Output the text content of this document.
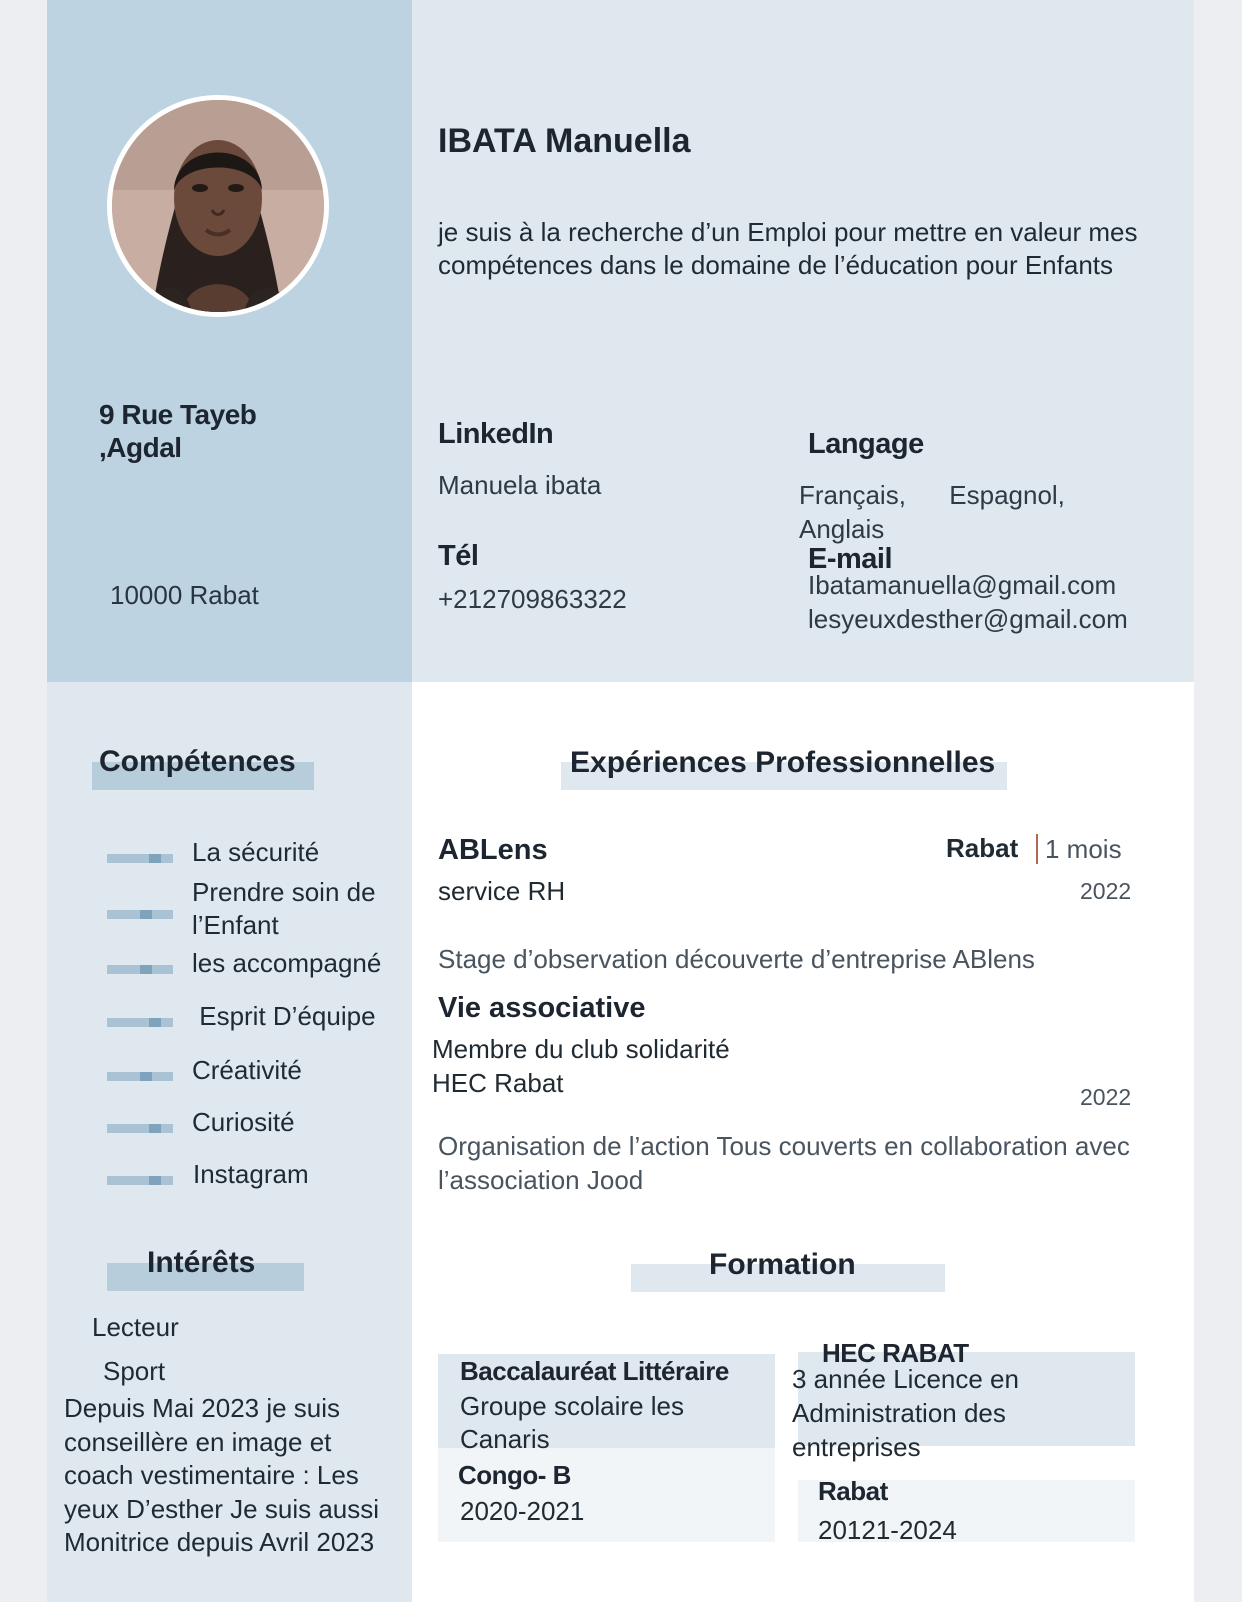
IBATA Manuella
je suis à la recherche d’un Emploi pour mettre en valeur mes compétences dans le domaine de l’éducation pour Enfants
9 Rue Tayeb
,Agdal
10000 Rabat
LinkedIn
Manuela ibata
Tél
+212709863322
Langage
Français,      Espagnol,
Anglais
E-mail
Ibatamanuella@gmail.com
lesyeuxdesther@gmail.com
Compétences
La sécurité
Prendre soin de
l’Enfant
les accompagné
Esprit D’équipe
Créativité
Curiosité
Instagram
Intérêts
Lecteur
Sport
Depuis Mai 2023 je suis conseillère en image et coach vestimentaire : Les yeux D’esther Je suis aussi Monitrice depuis Avril 2023
Expériences Professionnelles
ABLens	Rabat 1 mois
service RH	2022
Stage d’observation découverte d’entreprise ABlens
Vie associative
Membre du club solidarité
HEC Rabat	2022
Organisation de l’action Tous couverts en collaboration avec l’association Jood
Formation
Baccalauréat Littéraire
Groupe scolaire les Canaris
Congo- B
2020-2021
HEC RABAT
3 année Licence en Administration des entreprises
Rabat
20121-2024
